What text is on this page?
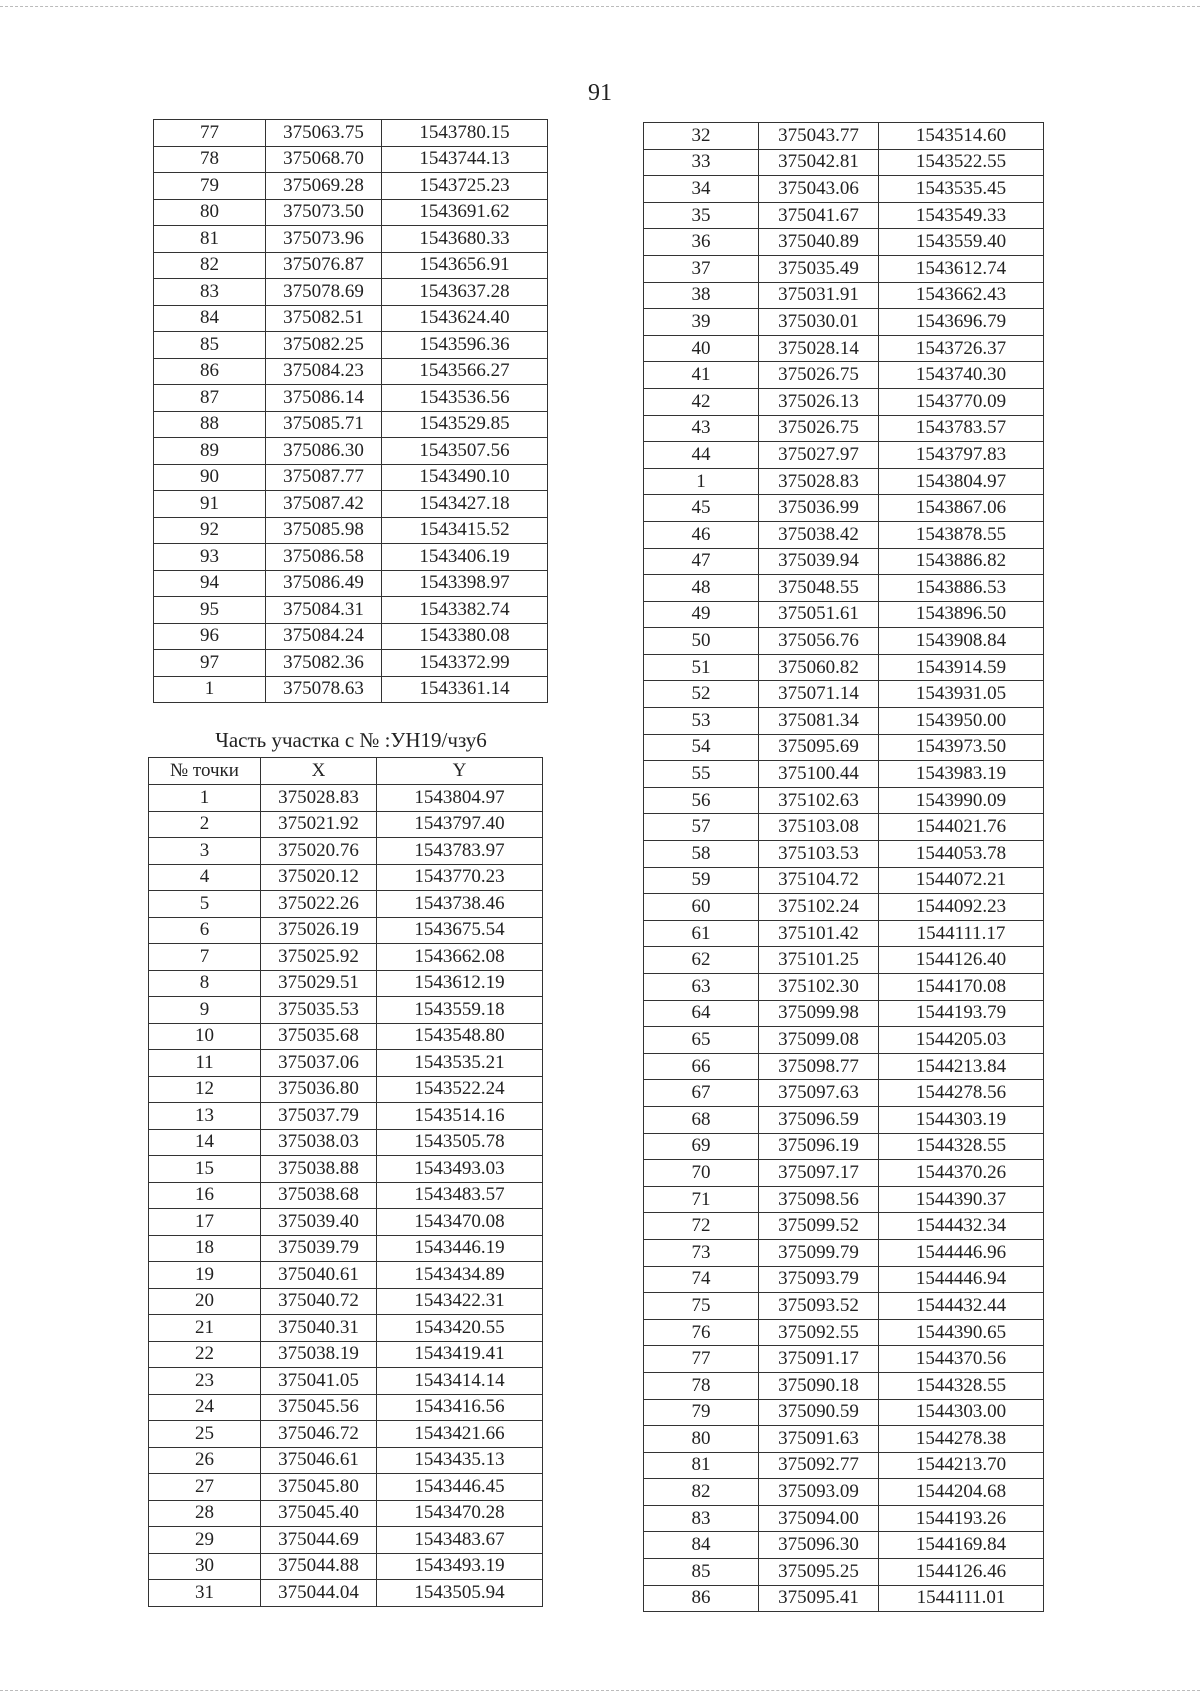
91
77	375063.75	1543780.15
78	375068.70	1543744.13
79	375069.28	1543725.23
80	375073.50	1543691.62
81	375073.96	1543680.33
82	375076.87	1543656.91
83	375078.69	1543637.28
84	375082.51	1543624.40
85	375082.25	1543596.36
86	375084.23	1543566.27
87	375086.14	1543536.56
88	375085.71	1543529.85
89	375086.30	1543507.56
90	375087.77	1543490.10
91	375087.42	1543427.18
92	375085.98	1543415.52
93	375086.58	1543406.19
94	375086.49	1543398.97
95	375084.31	1543382.74
96	375084.24	1543380.08
97	375082.36	1543372.99
1	375078.63	1543361.14
Часть участка с № :УН19/чзу6
№ точки	X	Y
1	375028.83	1543804.97
2	375021.92	1543797.40
3	375020.76	1543783.97
4	375020.12	1543770.23
5	375022.26	1543738.46
6	375026.19	1543675.54
7	375025.92	1543662.08
8	375029.51	1543612.19
9	375035.53	1543559.18
10	375035.68	1543548.80
11	375037.06	1543535.21
12	375036.80	1543522.24
13	375037.79	1543514.16
14	375038.03	1543505.78
15	375038.88	1543493.03
16	375038.68	1543483.57
17	375039.40	1543470.08
18	375039.79	1543446.19
19	375040.61	1543434.89
20	375040.72	1543422.31
21	375040.31	1543420.55
22	375038.19	1543419.41
23	375041.05	1543414.14
24	375045.56	1543416.56
25	375046.72	1543421.66
26	375046.61	1543435.13
27	375045.80	1543446.45
28	375045.40	1543470.28
29	375044.69	1543483.67
30	375044.88	1543493.19
31	375044.04	1543505.94
32	375043.77	1543514.60
33	375042.81	1543522.55
34	375043.06	1543535.45
35	375041.67	1543549.33
36	375040.89	1543559.40
37	375035.49	1543612.74
38	375031.91	1543662.43
39	375030.01	1543696.79
40	375028.14	1543726.37
41	375026.75	1543740.30
42	375026.13	1543770.09
43	375026.75	1543783.57
44	375027.97	1543797.83
1	375028.83	1543804.97
45	375036.99	1543867.06
46	375038.42	1543878.55
47	375039.94	1543886.82
48	375048.55	1543886.53
49	375051.61	1543896.50
50	375056.76	1543908.84
51	375060.82	1543914.59
52	375071.14	1543931.05
53	375081.34	1543950.00
54	375095.69	1543973.50
55	375100.44	1543983.19
56	375102.63	1543990.09
57	375103.08	1544021.76
58	375103.53	1544053.78
59	375104.72	1544072.21
60	375102.24	1544092.23
61	375101.42	1544111.17
62	375101.25	1544126.40
63	375102.30	1544170.08
64	375099.98	1544193.79
65	375099.08	1544205.03
66	375098.77	1544213.84
67	375097.63	1544278.56
68	375096.59	1544303.19
69	375096.19	1544328.55
70	375097.17	1544370.26
71	375098.56	1544390.37
72	375099.52	1544432.34
73	375099.79	1544446.96
74	375093.79	1544446.94
75	375093.52	1544432.44
76	375092.55	1544390.65
77	375091.17	1544370.56
78	375090.18	1544328.55
79	375090.59	1544303.00
80	375091.63	1544278.38
81	375092.77	1544213.70
82	375093.09	1544204.68
83	375094.00	1544193.26
84	375096.30	1544169.84
85	375095.25	1544126.46
86	375095.41	1544111.01
